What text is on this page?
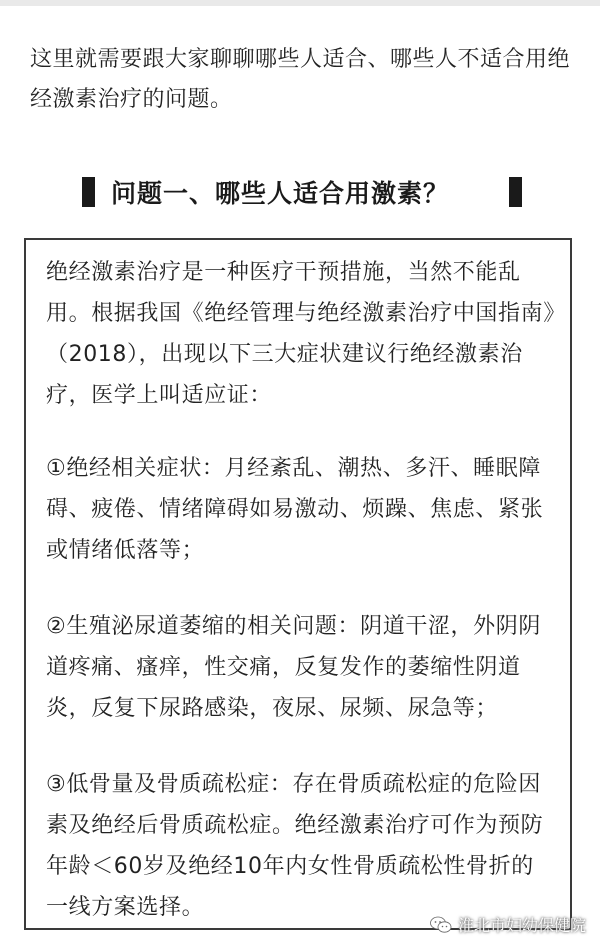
这里就需要跟大家聊聊哪些人适合、哪些人不适合用绝经激素治疗的问题。

问题一、哪些人适合用激素？

绝经激素治疗是一种医疗干预措施，当然不能乱用。根据我国《绝经管理与绝经激素治疗中国指南》（2018），出现以下三大症状建议行绝经激素治疗，医学上叫适应证：

①绝经相关症状：月经紊乱、潮热、多汗、睡眠障碍、疲倦、情绪障碍如易激动、烦躁、焦虑、紧张或情绪低落等；

②生殖泌尿道萎缩的相关问题：阴道干涩，外阴阴道疼痛、瘙痒，性交痛，反复发作的萎缩性阴道炎，反复下尿路感染，夜尿、尿频、尿急等；

③低骨量及骨质疏松症：存在骨质疏松症的危险因素及绝经后骨质疏松症。绝经激素治疗可作为预防年龄＜60岁及绝经10年内女性骨质疏松性骨折的一线方案选择。

淮北市妇幼保健院
